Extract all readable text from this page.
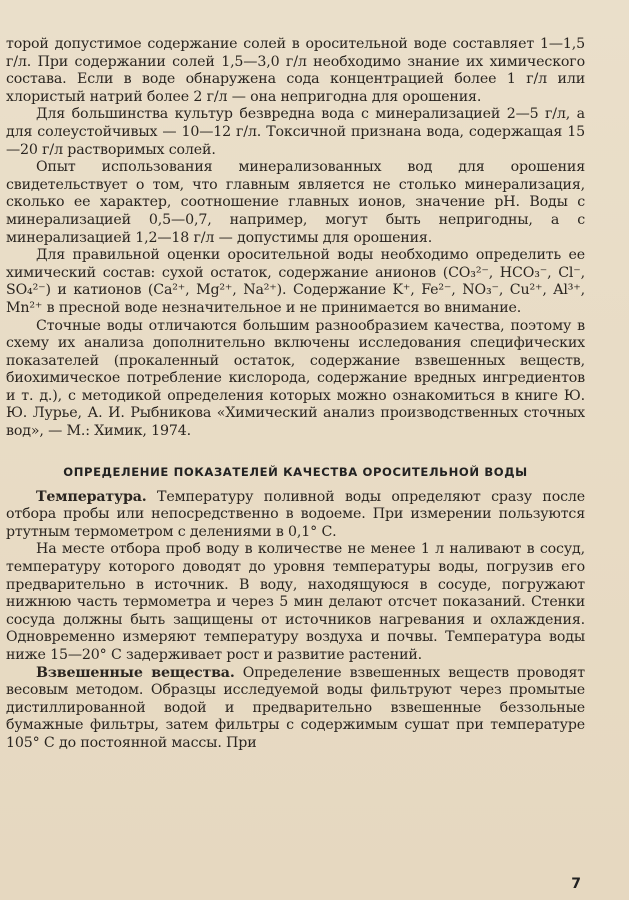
торой допустимое содержание солей в оросительной воде составляет 1—1,5 г/л. При содержании солей 1,5—3,0 г/л необходимо знание их химического состава. Если в воде обнаружена сода концентрацией более 1 г/л или хлористый натрий более 2 г/л — она непригодна для орошения.

Для большинства культур безвредна вода с минерализацией 2—5 г/л, а для солеустойчивых — 10—12 г/л. Токсичной признана вода, содержащая 15—20 г/л растворимых солей.

Опыт использования минерализованных вод для орошения свидетельствует о том, что главным является не столько минерализация, сколько ее характер, соотношение главных ионов, значение pH. Воды с минерализацией 0,5—0,7, например, могут быть непригодны, а с минерализацией 1,2—18 г/л — допустимы для орошения.

Для правильной оценки оросительной воды необходимо определить ее химический состав: сухой остаток, содержание анионов (CO₃²⁻, HCO₃⁻, Cl⁻, SO₄²⁻) и катионов (Ca²⁺, Mg²⁺, Na²⁺). Содержание K⁺, Fe²⁻, NO₃⁻, Cu²⁺, Al³⁺, Mn²⁺ в пресной воде незначительное и не принимается во внимание.

Сточные воды отличаются большим разнообразием качества, поэтому в схему их анализа дополнительно включены исследования специфических показателей (прокаленный остаток, содержание взвешенных веществ, биохимическое потребление кислорода, содержание вредных ингредиентов и т. д.), с методикой определения которых можно ознакомиться в книге Ю. Ю. Лурье, А. И. Рыбникова «Химический анализ производственных сточных вод», — М.: Химик, 1974.

ОПРЕДЕЛЕНИЕ ПОКАЗАТЕЛЕЙ КАЧЕСТВА ОРОСИТЕЛЬНОЙ ВОДЫ

Температура. Температуру поливной воды определяют сразу после отбора пробы или непосредственно в водоеме. При измерении пользуются ртутным термометром с делениями в 0,1° С.

На месте отбора проб воду в количестве не менее 1 л наливают в сосуд, температуру которого доводят до уровня температуры воды, погрузив его предварительно в источник. В воду, находящуюся в сосуде, погружают нижнюю часть термометра и через 5 мин делают отсчет показаний. Стенки сосуда должны быть защищены от источников нагревания и охлаждения. Одновременно измеряют температуру воздуха и почвы. Температура воды ниже 15—20° С задерживает рост и развитие растений.

Взвешенные вещества. Определение взвешенных веществ проводят весовым методом. Образцы исследуемой воды фильтруют через промытые дистиллированной водой и предварительно взвешенные беззольные бумажные фильтры, затем фильтры с содержимым сушат при температуре 105° С до постоянной массы. При

7
